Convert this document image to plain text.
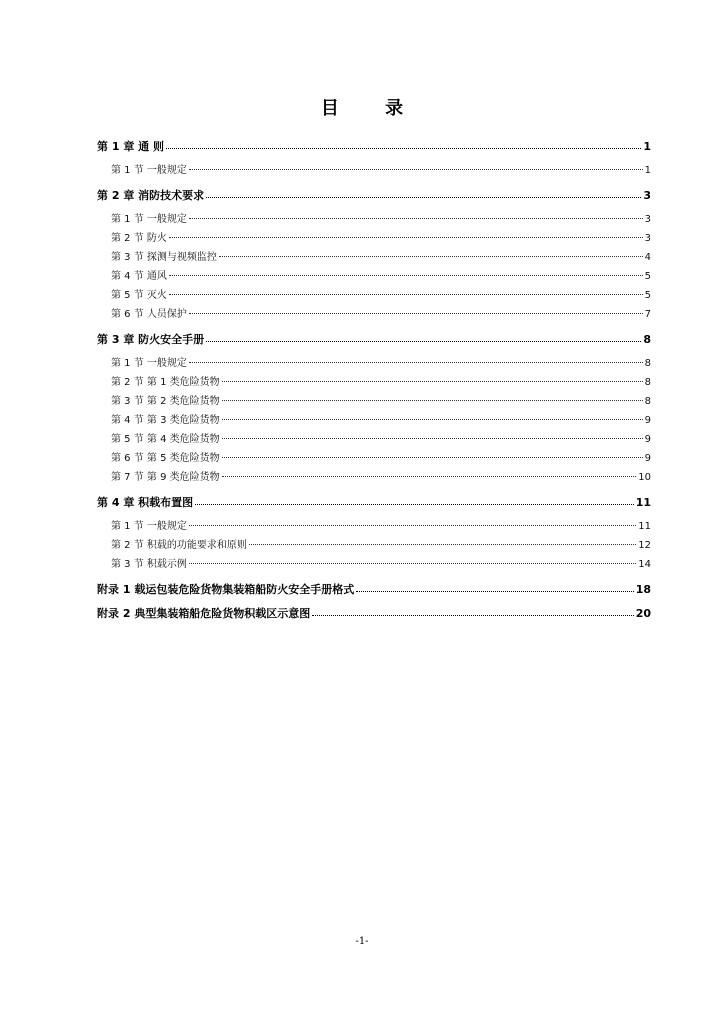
目 录
第 1 章 通 则	1
第 1 节 一般规定	1
第 2 章 消防技术要求	3
第 1 节 一般规定	3
第 2 节 防火	3
第 3 节 探测与视频监控	4
第 4 节 通风	5
第 5 节 灭火	5
第 6 节 人员保护	7
第 3 章 防火安全手册	8
第 1 节 一般规定	8
第 2 节 第 1 类危险货物	8
第 3 节 第 2 类危险货物	8
第 4 节 第 3 类危险货物	9
第 5 节 第 4 类危险货物	9
第 6 节 第 5 类危险货物	9
第 7 节 第 9 类危险货物	10
第 4 章 积载布置图	11
第 1 节 一般规定	11
第 2 节 积载的功能要求和原则	12
第 3 节 积载示例	14
附录 1 载运包装危险货物集装箱船防火安全手册格式	18
附录 2 典型集装箱船危险货物积载区示意图	20
-1-
